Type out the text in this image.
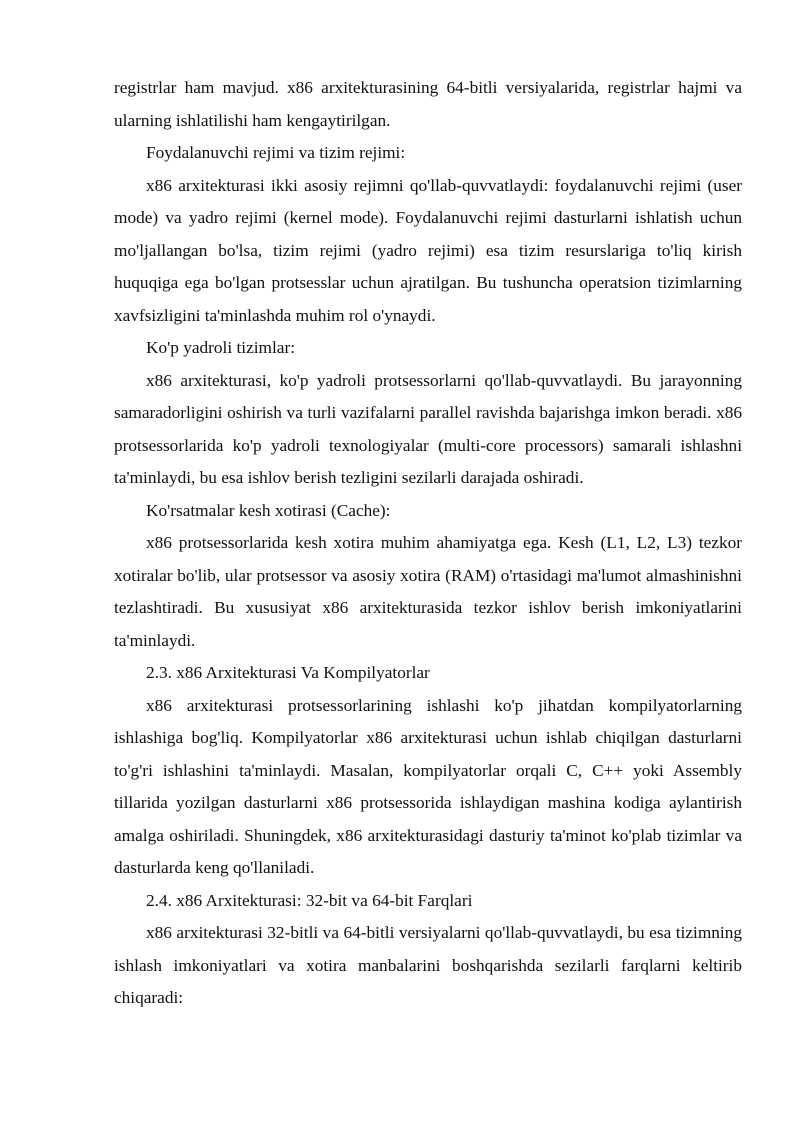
registrlar ham mavjud. x86 arxitekturasining 64-bitli versiyalarida, registrlar hajmi va ularning ishlatilishi ham kengaytirilgan.

Foydalanuvchi rejimi va tizim rejimi:

x86 arxitekturasi ikki asosiy rejimni qo'llab-quvvatlaydi: foydalanuvchi rejimi (user mode) va yadro rejimi (kernel mode). Foydalanuvchi rejimi dasturlarni ishlatish uchun mo'ljallangan bo'lsa, tizim rejimi (yadro rejimi) esa tizim resurslariga to'liq kirish huquqiga ega bo'lgan protsesslar uchun ajratilgan. Bu tushuncha operatsion tizimlarning xavfsizligini ta'minlashda muhim rol o'ynaydi.

Ko'p yadroli tizimlar:

x86 arxitekturasi, ko'p yadroli protsessorlarni qo'llab-quvvatlaydi. Bu jarayonning samaradorligini oshirish va turli vazifalarni parallel ravishda bajarishga imkon beradi. x86 protsessorlarida ko'p yadroli texnologiyalar (multi-core processors) samarali ishlashni ta'minlaydi, bu esa ishlov berish tezligini sezilarli darajada oshiradi.

Ko'rsatmalar kesh xotirasi (Cache):

x86 protsessorlarida kesh xotira muhim ahamiyatga ega. Kesh (L1, L2, L3) tezkor xotiralar bo'lib, ular protsessor va asosiy xotira (RAM) o'rtasidagi ma'lumot almashinishni tezlashtiradi. Bu xususiyat x86 arxitekturasida tezkor ishlov berish imkoniyatlarini ta'minlaydi.

2.3. x86 Arxitekturasi Va Kompilyatorlar

x86 arxitekturasi protsessorlarining ishlashi ko'p jihatdan kompilyatorlarning ishlashiga bog'liq. Kompilyatorlar x86 arxitekturasi uchun ishlab chiqilgan dasturlarni to'g'ri ishlashini ta'minlaydi. Masalan, kompilyatorlar orqali C, C++ yoki Assembly tillarida yozilgan dasturlarni x86 protsessorida ishlaydigan mashina kodiga aylantirish amalga oshiriladi. Shuningdek, x86 arxitekturasidagi dasturiy ta'minot ko'plab tizimlar va dasturlarda keng qo'llaniladi.

2.4. x86 Arxitekturasi: 32-bit va 64-bit Farqlari

x86 arxitekturasi 32-bitli va 64-bitli versiyalarni qo'llab-quvvatlaydi, bu esa tizimning ishlash imkoniyatlari va xotira manbalarini boshqarishda sezilarli farqlarni keltirib chiqaradi:
